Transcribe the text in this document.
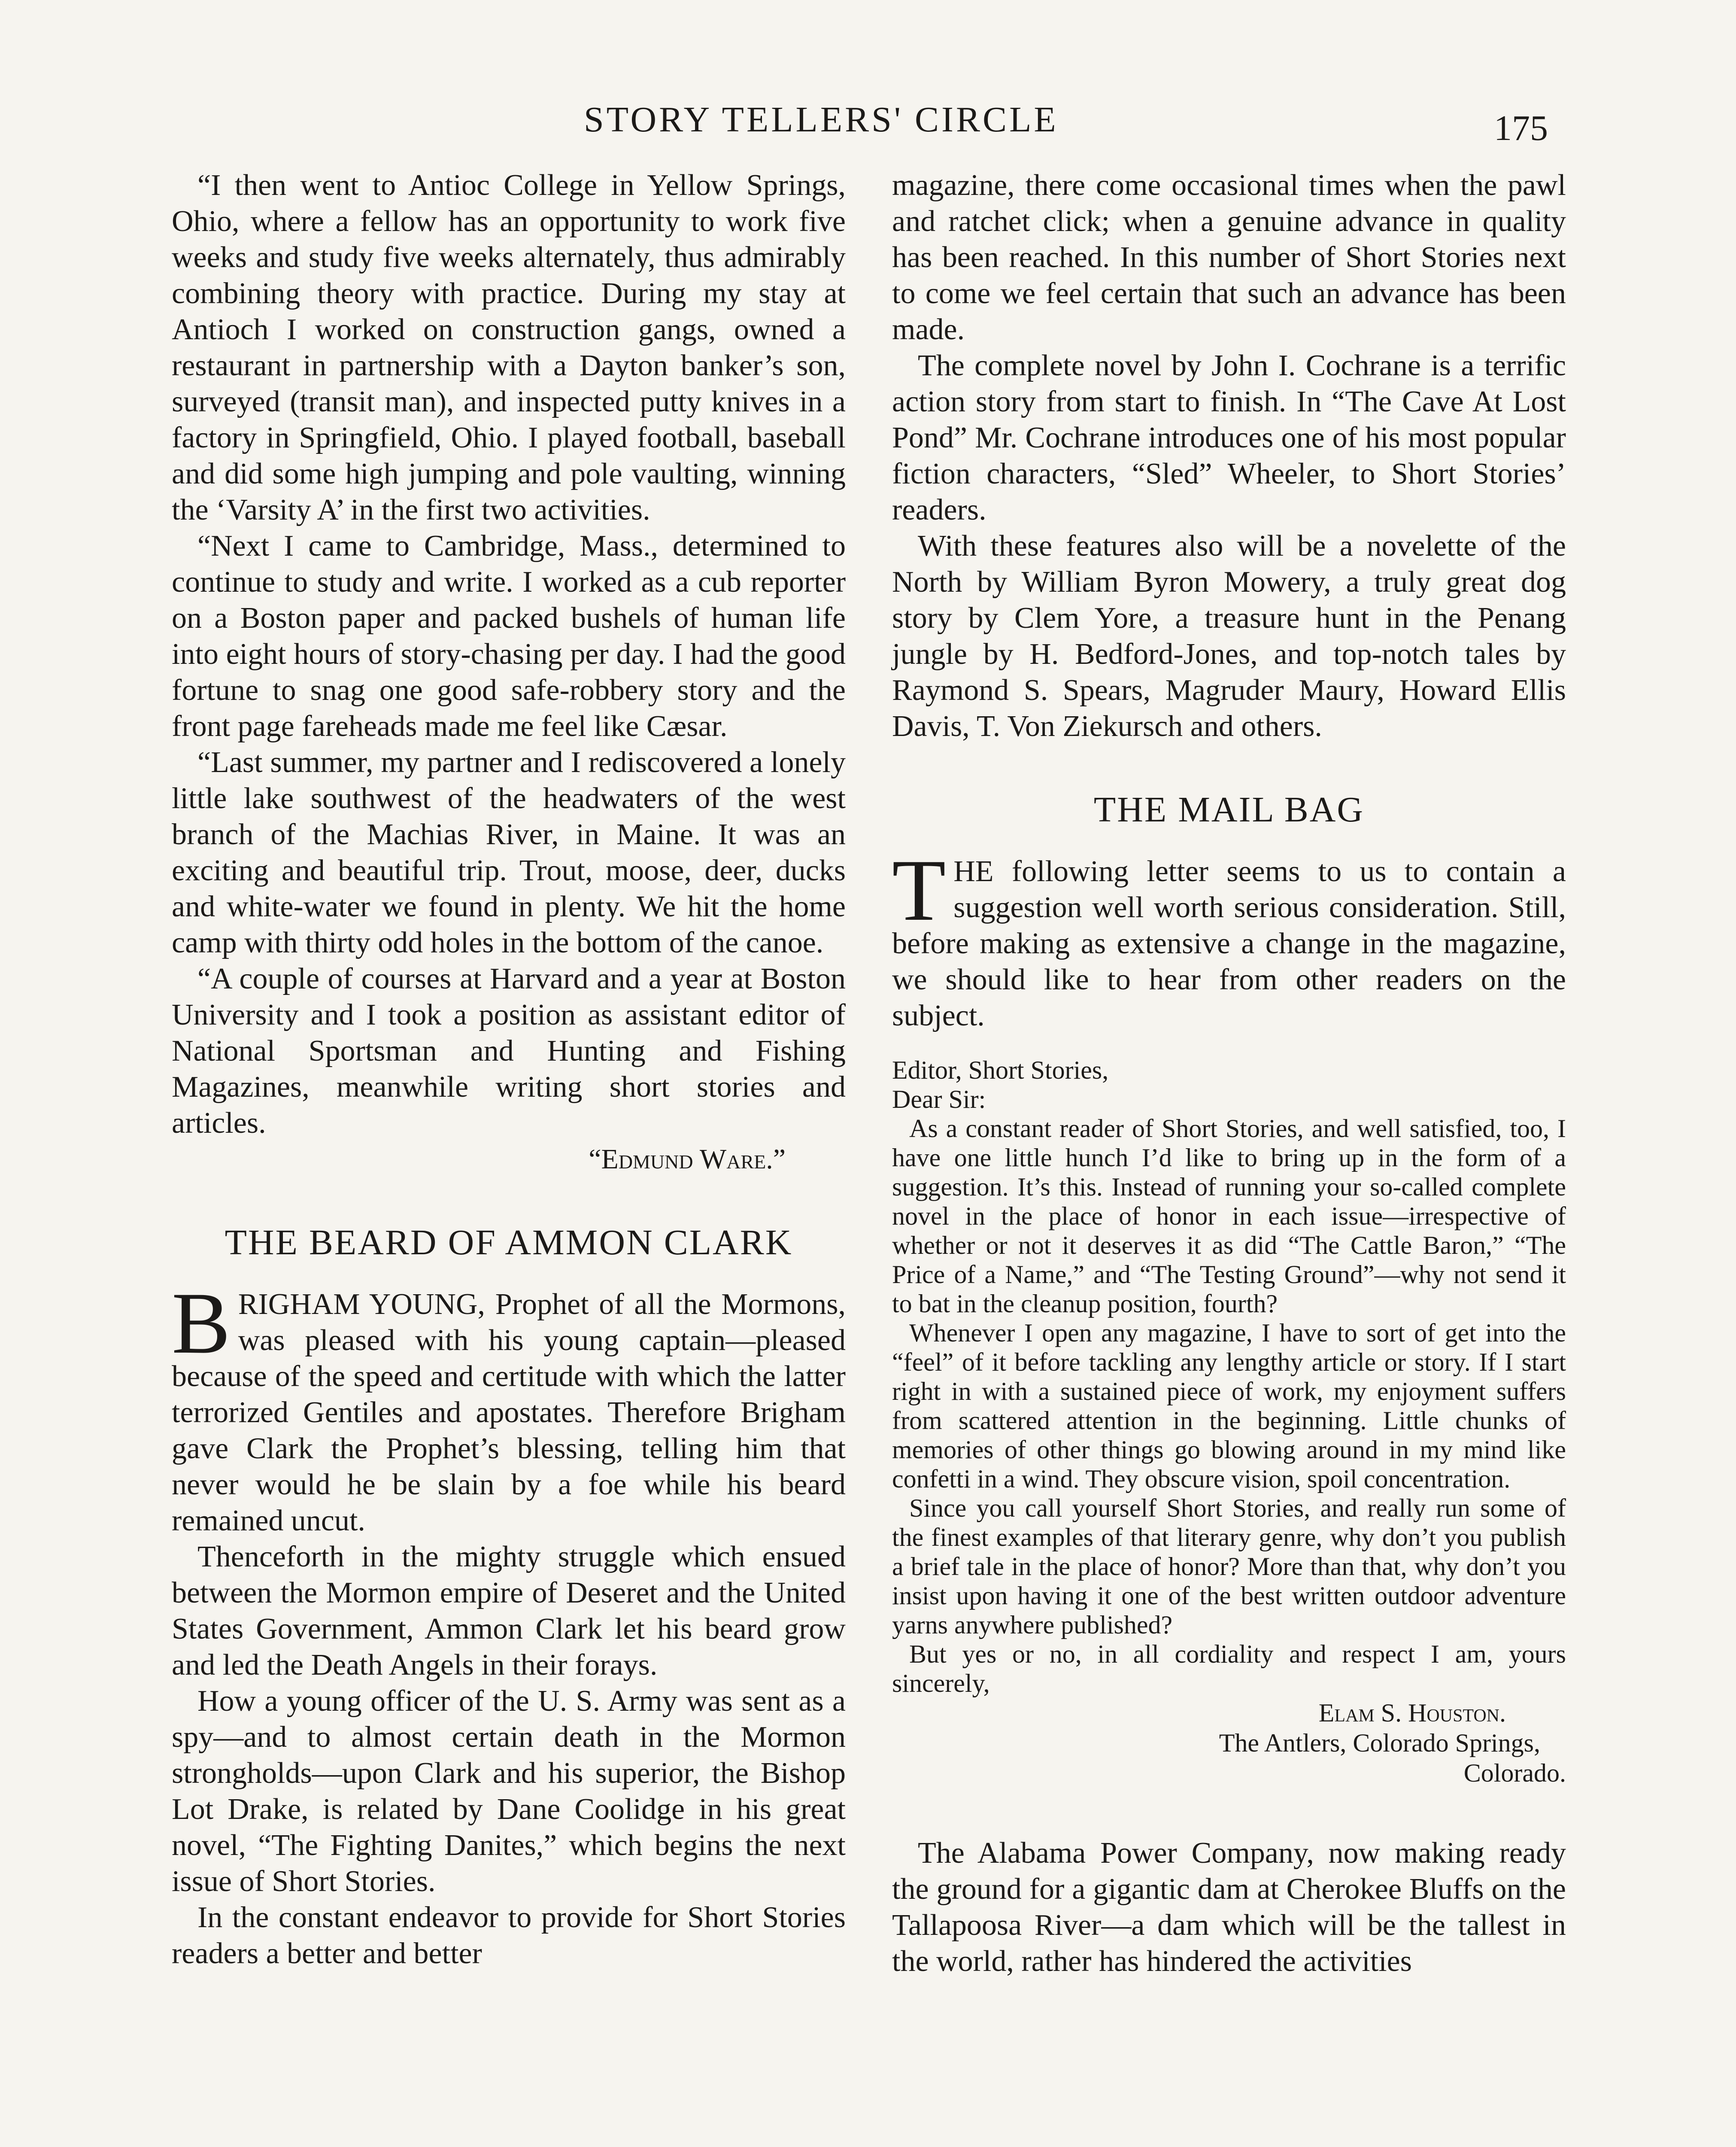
STORY TELLERS' CIRCLE	175

“I then went to Antioc College in Yellow Springs, Ohio, where a fellow has an opportunity to work five weeks and study five weeks alternately, thus admirably combining theory with practice. During my stay at Antioch I worked on construction gangs, owned a restaurant in partnership with a Dayton banker’s son, surveyed (transit man), and inspected putty knives in a factory in Springfield, Ohio. I played football, baseball and did some high jumping and pole vaulting, winning the ‘Varsity A’ in the first two activities.

“Next I came to Cambridge, Mass., determined to continue to study and write. I worked as a cub reporter on a Boston paper and packed bushels of human life into eight hours of story-chasing per day. I had the good fortune to snag one good safe-robbery story and the front page fareheads made me feel like Cæsar.

“Last summer, my partner and I rediscovered a lonely little lake southwest of the headwaters of the west branch of the Machias River, in Maine. It was an exciting and beautiful trip. Trout, moose, deer, ducks and white-water we found in plenty. We hit the home camp with thirty odd holes in the bottom of the canoe.

“A couple of courses at Harvard and a year at Boston University and I took a position as assistant editor of National Sportsman and Hunting and Fishing Magazines, meanwhile writing short stories and articles.

“Edmund Ware.”
THE BEARD OF AMMON CLARK

BRIGHAM YOUNG, Prophet of all the Mormons, was pleased with his young captain—pleased because of the speed and certitude with which the latter terrorized Gentiles and apostates. Therefore Brigham gave Clark the Prophet’s blessing, telling him that never would he be slain by a foe while his beard remained uncut.

Thenceforth in the mighty struggle which ensued between the Mormon empire of Deseret and the United States Government, Ammon Clark let his beard grow and led the Death Angels in their forays.

How a young officer of the U. S. Army was sent as a spy—and to almost certain death in the Mormon strongholds—upon Clark and his superior, the Bishop Lot Drake, is related by Dane Coolidge in his great novel, “The Fighting Danites,” which begins the next issue of Short Stories.

In the constant endeavor to provide for Short Stories readers a better and better

magazine, there come occasional times when the pawl and ratchet click; when a genuine advance in quality has been reached. In this number of Short Stories next to come we feel certain that such an advance has been made.

The complete novel by John I. Cochrane is a terrific action story from start to finish. In “The Cave At Lost Pond” Mr. Cochrane introduces one of his most popular fiction characters, “Sled” Wheeler, to Short Stories’ readers.

With these features also will be a novelette of the North by William Byron Mowery, a truly great dog story by Clem Yore, a treasure hunt in the Penang jungle by H. Bedford-Jones, and top-notch tales by Raymond S. Spears, Magruder Maury, Howard Ellis Davis, T. Von Ziekursch and others.

THE MAIL BAG

THE following letter seems to us to contain a suggestion well worth serious consideration. Still, before making as extensive a change in the magazine, we should like to hear from other readers on the subject.

Editor, Short Stories,

Dear Sir:

As a constant reader of Short Stories, and well satisfied, too, I have one little hunch I’d like to bring up in the form of a suggestion. It’s this. Instead of running your so-called complete novel in the place of honor in each issue—irrespective of whether or not it deserves it as did “The Cattle Baron,” “The Price of a Name,” and “The Testing Ground”—why not send it to bat in the cleanup position, fourth?

Whenever I open any magazine, I have to sort of get into the “feel” of it before tackling any lengthy article or story. If I start right in with a sustained piece of work, my enjoyment suffers from scattered attention in the beginning. Little chunks of memories of other things go blowing around in my mind like confetti in a wind. They obscure vision, spoil concentration.

Since you call yourself Short Stories, and really run some of the finest examples of that literary genre, why don’t you publish a brief tale in the place of honor? More than that, why don’t you insist upon having it one of the best written outdoor adventure yarns anywhere published?

But yes or no, in all cordiality and respect I am, yours sincerely,

Elam S. Houston.
The Antlers, Colorado Springs,
Colorado.

The Alabama Power Company, now making ready the ground for a gigantic dam at Cherokee Bluffs on the Tallapoosa River—a dam which will be the tallest in the world, rather has hindered the activities
